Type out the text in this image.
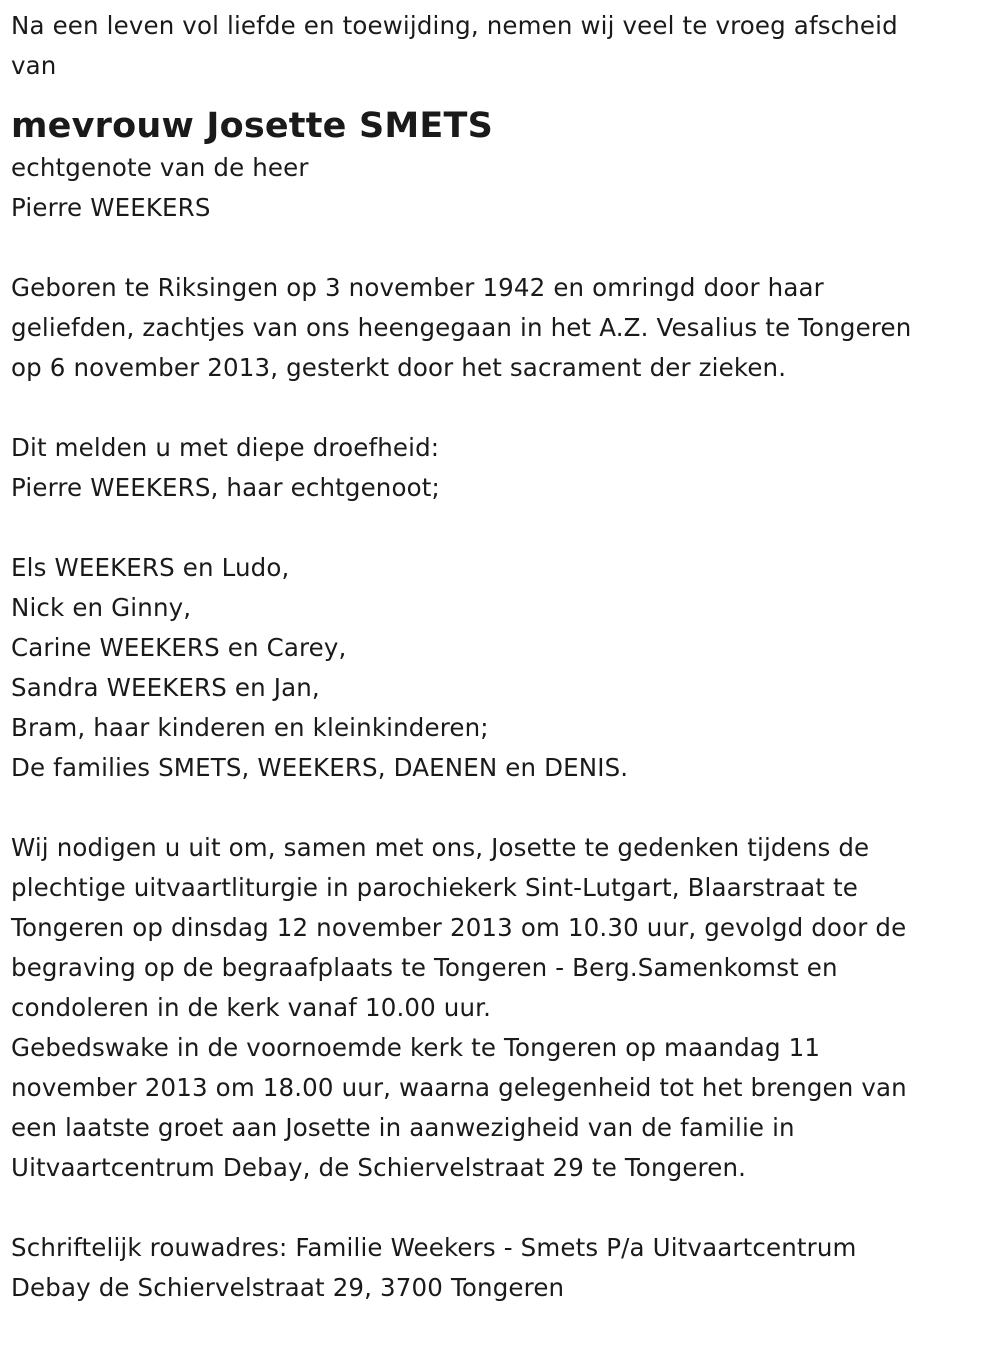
Na een leven vol liefde en toewijding, nemen wij veel te vroeg afscheid
van
mevrouw Josette SMETS
echtgenote van de heer
Pierre WEEKERS
Geboren te Riksingen op 3 november 1942 en omringd door haar
geliefden, zachtjes van ons heengegaan in het A.Z. Vesalius te Tongeren
op 6 november 2013, gesterkt door het sacrament der zieken.
Dit melden u met diepe droefheid:
Pierre WEEKERS, haar echtgenoot;
Els WEEKERS en Ludo,
Nick en Ginny,
Carine WEEKERS en Carey,
Sandra WEEKERS en Jan,
Bram, haar kinderen en kleinkinderen;
De families SMETS, WEEKERS, DAENEN en DENIS.
Wij nodigen u uit om, samen met ons, Josette te gedenken tijdens de
plechtige uitvaartliturgie in parochiekerk Sint-Lutgart, Blaarstraat te
Tongeren op dinsdag 12 november 2013 om 10.30 uur, gevolgd door de
begraving op de begraafplaats te Tongeren - Berg.Samenkomst en
condoleren in de kerk vanaf 10.00 uur.
Gebedswake in de voornoemde kerk te Tongeren op maandag 11
november 2013 om 18.00 uur, waarna gelegenheid tot het brengen van
een laatste groet aan Josette in aanwezigheid van de familie in
Uitvaartcentrum Debay, de Schiervelstraat 29 te Tongeren.
Schriftelijk rouwadres: Familie Weekers - Smets P/a Uitvaartcentrum
Debay de Schiervelstraat 29, 3700 Tongeren
